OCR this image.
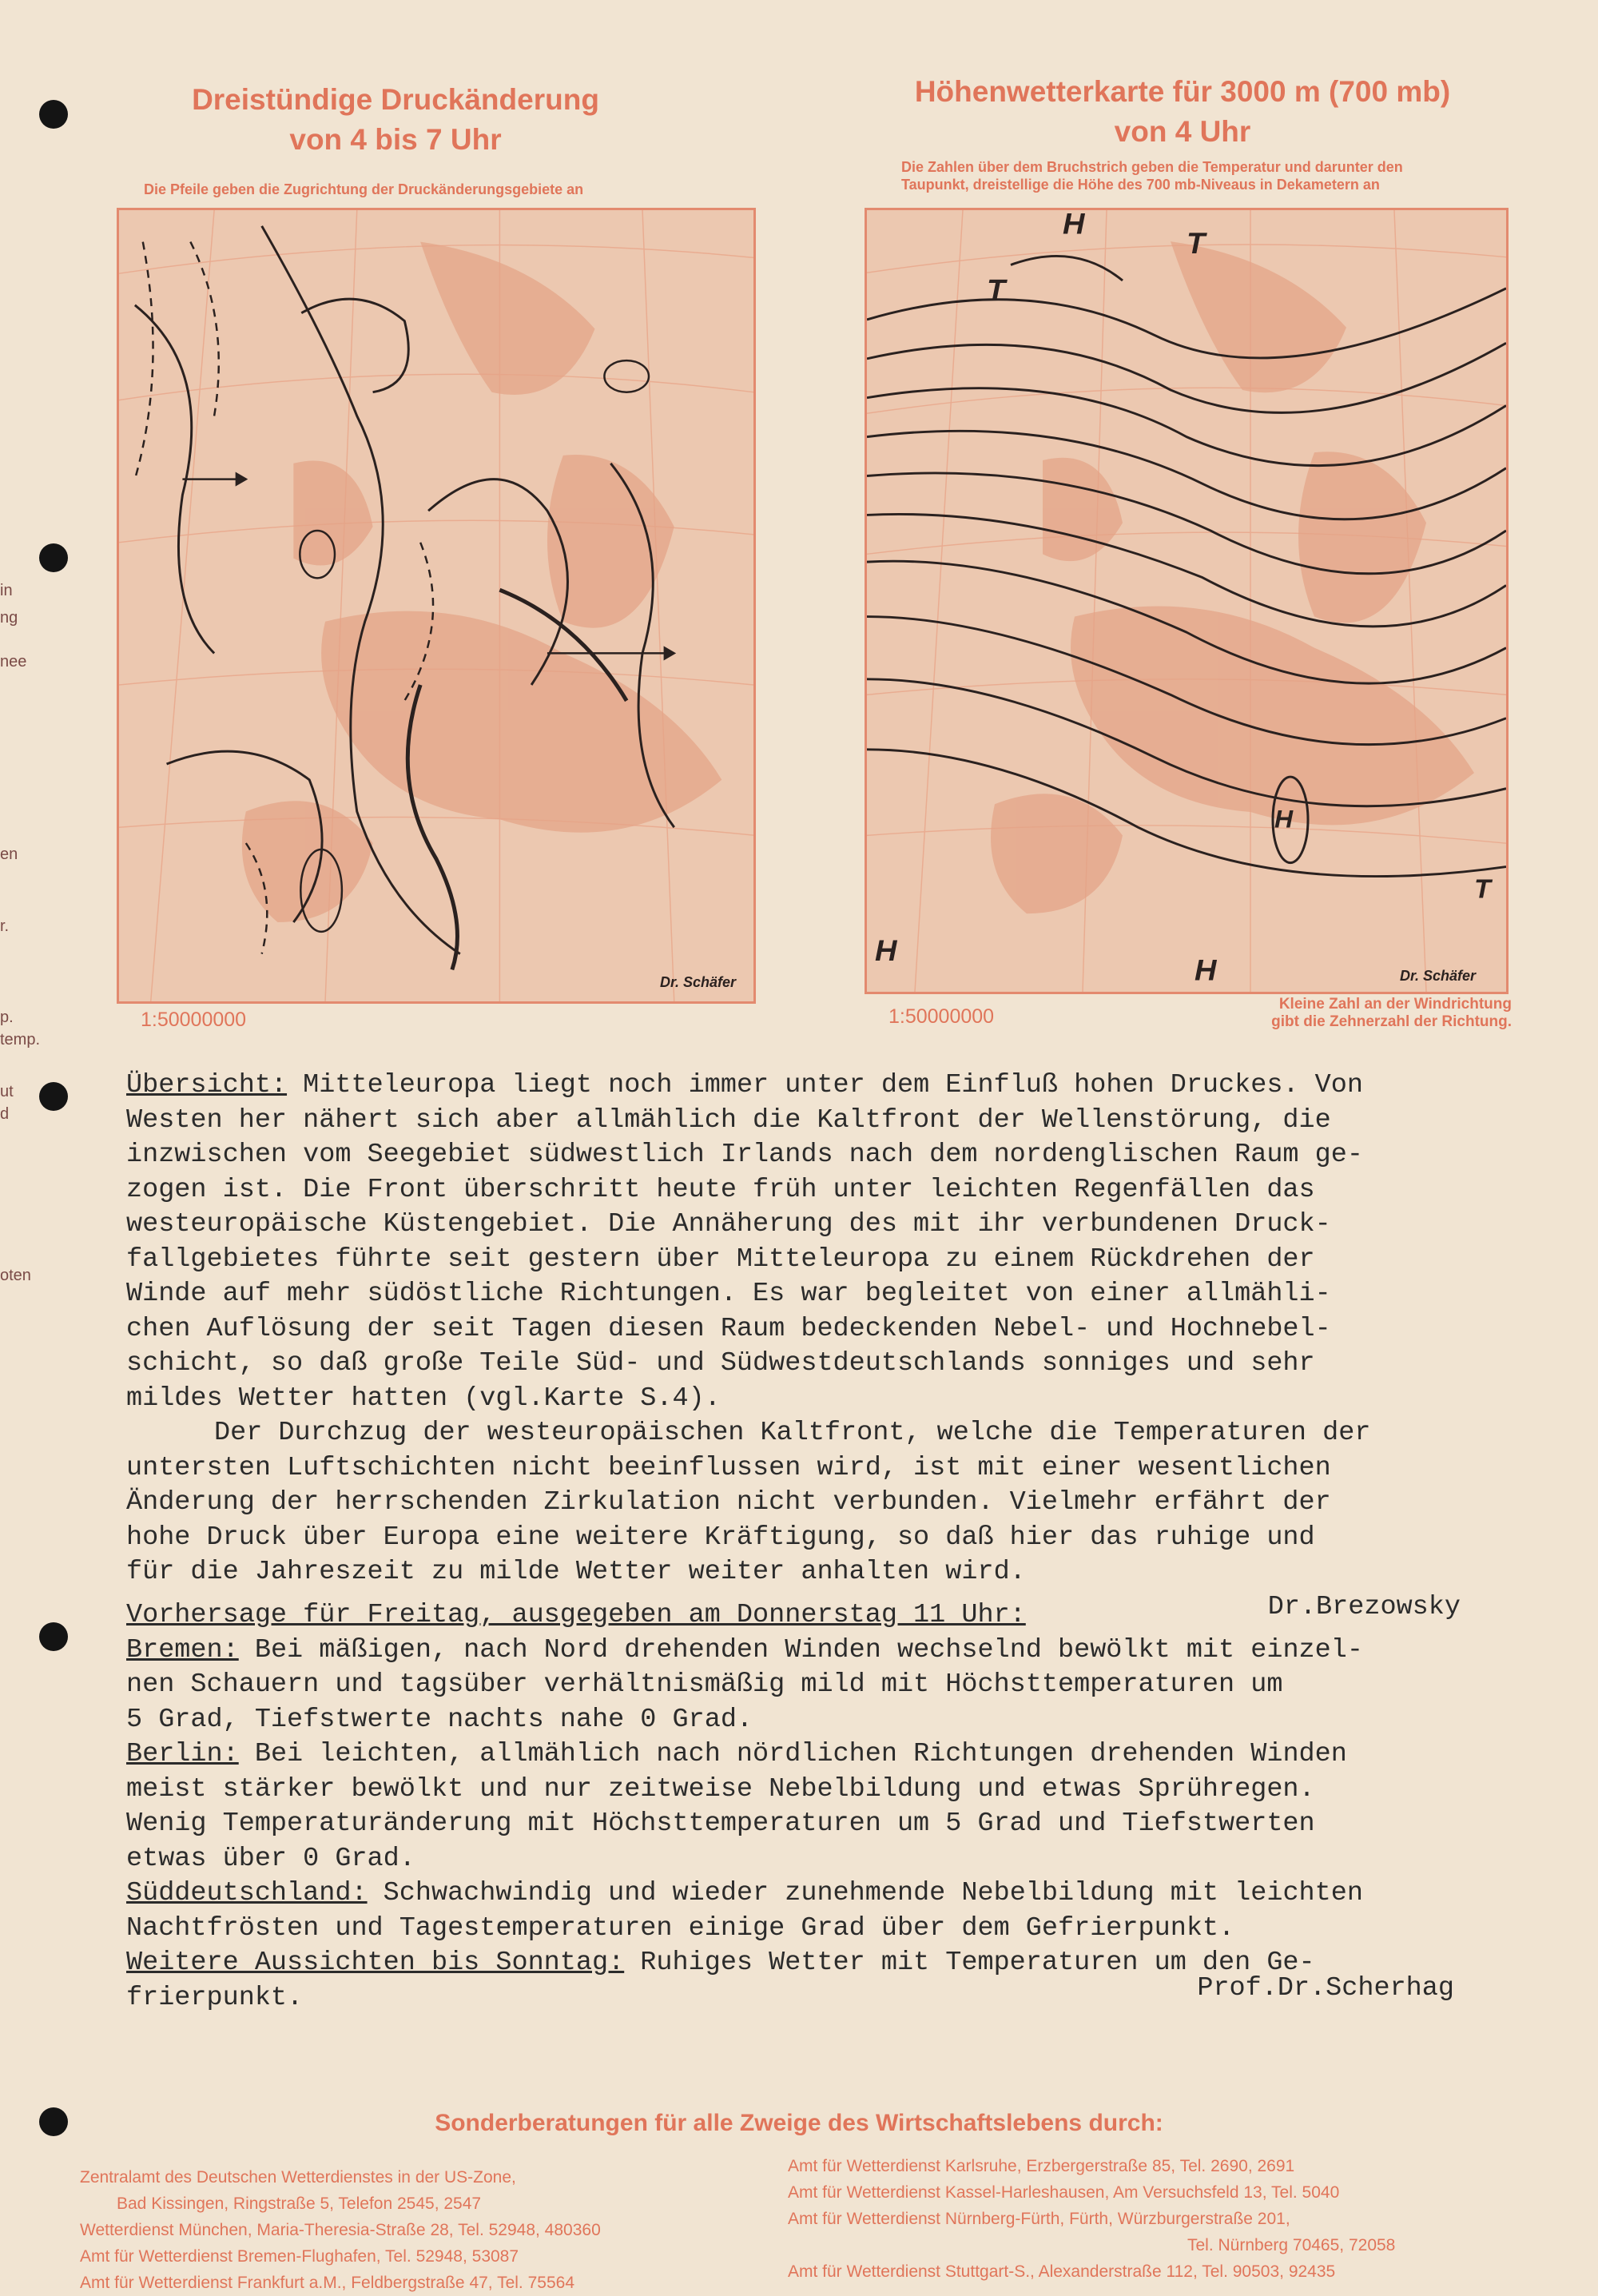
in
ng
nee
en
r.
p.
temp.
ut
d
oten
Dreistündige Druckänderung
von 4 bis 7 Uhr
Die Pfeile geben die Zugrichtung der Druckänderungsgebiete an
1:50000000
Dr. Schäfer
Höhenwetterkarte für 3000 m (700 mb)
von 4 Uhr
Die Zahlen über dem Bruchstrich geben die Temperatur und darunter den
Taupunkt, dreistellige die Höhe des 700 mb-Niveaus in Dekametern an
H
T
T
H
H
H
T
1:50000000
Dr. Schäfer
Kleine Zahl an der Windrichtung
gibt die Zehnerzahl der Richtung.

Übersicht: Mitteleuropa liegt noch immer unter dem Einfluß hohen Druckes. Von

Westen her nähert sich aber allmählich die Kaltfront der Wellenstörung, die

inzwischen vom Seegebiet südwestlich Irlands nach dem nordenglischen Raum ge-

zogen ist. Die Front überschritt heute früh unter leichten Regenfällen das

westeuropäische Küstengebiet. Die Annäherung des mit ihr verbundenen Druck-

fallgebietes führte seit gestern über Mitteleuropa zu einem Rückdrehen der

Winde auf mehr südöstliche Richtungen. Es war begleitet von einer allmähli-

chen Auflösung der seit Tagen diesen Raum bedeckenden Nebel- und Hochnebel-

schicht, so daß große Teile Süd- und Südwestdeutschlands sonniges und sehr

mildes Wetter hatten (vgl.Karte S.4).

Der Durchzug der westeuropäischen Kaltfront, welche die Temperaturen der

untersten Luftschichten nicht beeinflussen wird, ist mit einer wesentlichen

Änderung der herrschenden Zirkulation nicht verbunden. Vielmehr erfährt der

hohe Druck über Europa eine weitere Kräftigung, so daß hier das ruhige und

für die Jahreszeit zu milde Wetter weiter anhalten wird.

Dr.Brezowsky

Vorhersage für Freitag, ausgegeben am Donnerstag 11 Uhr:

Bremen: Bei mäßigen, nach Nord drehenden Winden wechselnd bewölkt mit einzel-

nen Schauern und tagsüber verhältnismäßig mild mit Höchsttemperaturen um

5 Grad, Tiefstwerte nachts nahe 0 Grad.

Berlin: Bei leichten, allmählich nach nördlichen Richtungen drehenden Winden

meist stärker bewölkt und nur zeitweise Nebelbildung und etwas Sprühregen.

Wenig Temperaturänderung mit Höchsttemperaturen um 5 Grad und Tiefstwerten

etwas über 0 Grad.

Süddeutschland: Schwachwindig und wieder zunehmende Nebelbildung mit leichten

Nachtfrösten und Tagestemperaturen einige Grad über dem Gefrierpunkt.

Weitere Aussichten bis Sonntag: Ruhiges Wetter mit Temperaturen um den Ge-

frierpunkt.	Prof.Dr.Scherhag
Sonderberatungen für alle Zweige des Wirtschaftslebens durch:
Zentralamt des Deutschen Wetterdienstes in der US-Zone,
Bad Kissingen, Ringstraße 5, Telefon 2545, 2547
Wetterdienst München, Maria-Theresia-Straße 28, Tel. 52948, 480360
Amt für Wetterdienst Bremen-Flughafen, Tel. 52948, 53087
Amt für Wetterdienst Frankfurt a.M., Feldbergstraße 47, Tel. 75564
Amt für Wetterdienst Karlsruhe, Erzbergerstraße 85, Tel. 2690, 2691
Amt für Wetterdienst Kassel-Harleshausen, Am Versuchsfeld 13, Tel. 5040
Amt für Wetterdienst Nürnberg-Fürth, Fürth, Würzburgerstraße 201,
Tel. Nürnberg 70465, 72058
Amt für Wetterdienst Stuttgart-S., Alexanderstraße 112, Tel. 90503, 92435
